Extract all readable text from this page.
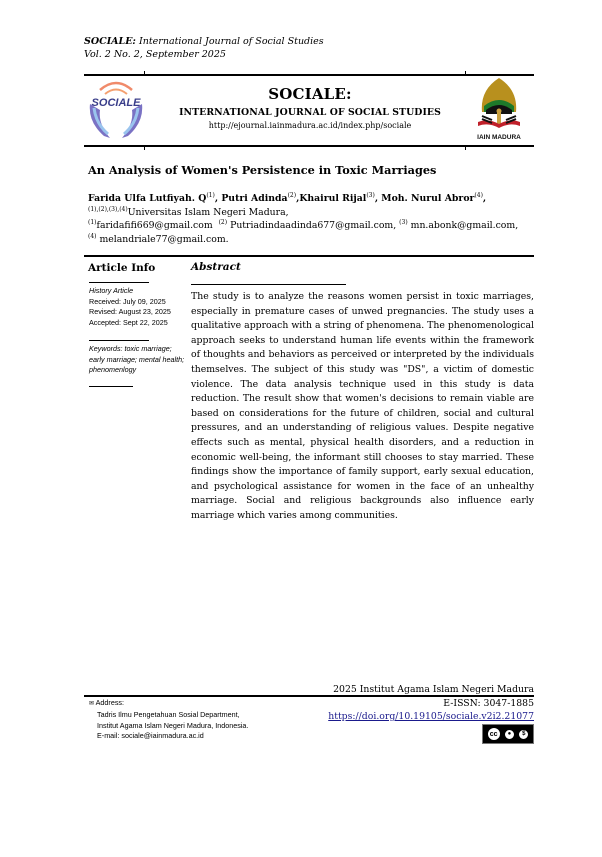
SOCIALE: International Journal of Social Studies
Vol. 2 No. 2, September 2025
SOCIALE	SOCIALE:
INTERNATIONAL JOURNAL OF SOCIAL STUDIES
http://ejournal.iainmadura.ac.id/index.php/sociale
IAIN MADURA
An Analysis of Women's Persistence in Toxic Marriages
Farida Ulfa Lutfiyah. $Q^{(1)}$, Putri Adinda$^{(2)}$,Khairul Rijal$^{(3)}$, Moh. Nurul Abror$^{(4)}$,
$^{(1),(2),(3),(4)}$Universitas Islam Negeri Madura,
$^{(1)}$faridafifi669@gmail.com $^{(2)}$ Putriadindaadinda677@gmail.com, $^{(3)}$ mn.abonk@gmail.com,
$^{(4)}$ melandriale77@gmail.com.
Article Info
History Article
Received: July 09, 2025
Revised: August 23, 2025
Accepted: Sept 22, 2025
Keywords: toxic marriage; early marriage; mental health; phenomenlogy
Abstract
The study is to analyze the reasons women persist in toxic marriages, especially in premature cases of unwed pregnancies. The study uses a qualitative approach with a string of phenomena. The phenomenological approach seeks to understand human life events within the framework of thoughts and behaviors as perceived or interpreted by the individuals themselves. The subject of this study was "DS", a victim of domestic violence. The data analysis technique used in this study is data reduction. The result show that women's decisions to remain viable are based on considerations for the future of children, social and cultural pressures, and an understanding of religious values. Despite negative effects such as mental, physical health disorders, and a reduction in economic well-being, the informant still chooses to stay married. These findings show the importance of family support, early sexual education, and psychological assistance for women in the face of an unhealthy marriage. Social and religious backgrounds also influence early marriage which varies among communities.
2025 Institut Agama Islam Negeri Madura
✉ Address:
Tadris Ilmu Pengetahuan Sosial Department,
Institut Agama Islam Negeri Madura, Indonesia.
E-mail: sociale@iainmadura.ac.id
E-ISSN: 3047-1885
https://doi.org/10.19105/sociale.v2i2.21077
cc	●	$
